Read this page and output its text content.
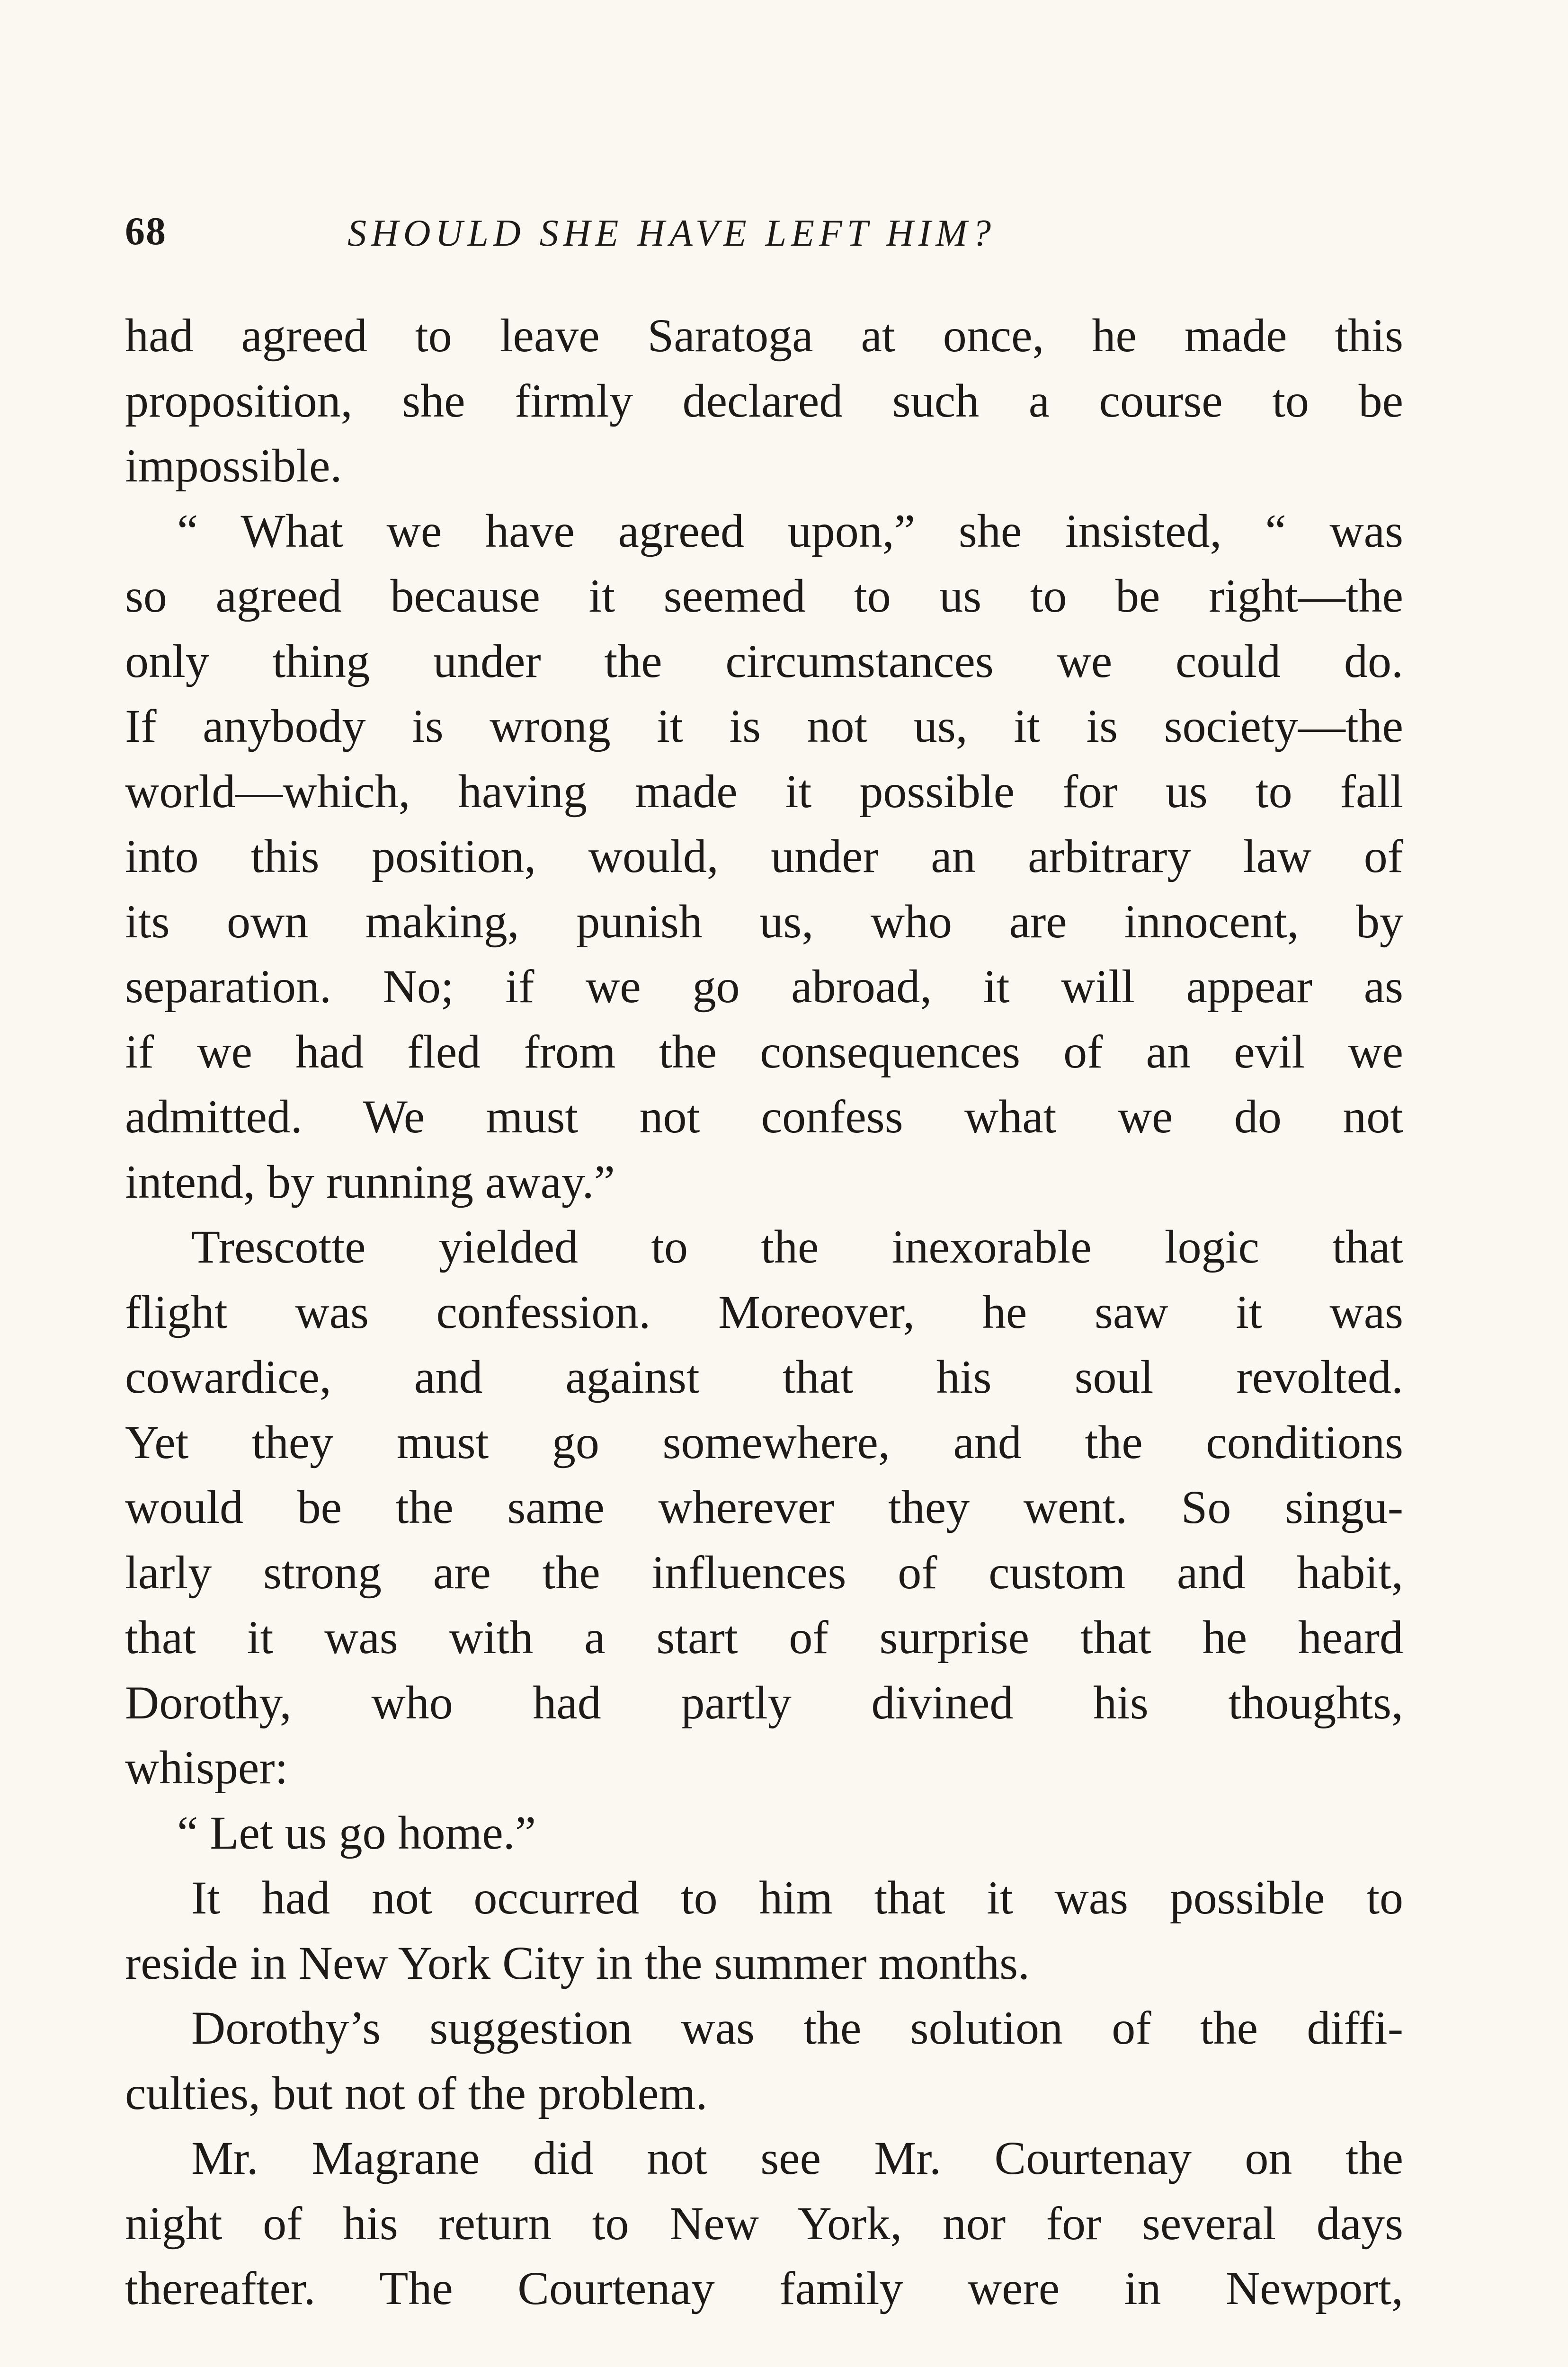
68	SHOULD SHE HAVE LEFT HIM?
had agreed to leave Saratoga at once, he made this
proposition, she firmly declared such a course to be
impossible.
“ What we have agreed upon,” she insisted, “ was
so agreed because it seemed to us to be right—the
only thing under the circumstances we could do.
If anybody is wrong it is not us, it is society—the
world—which, having made it possible for us to fall
into this position, would, under an arbitrary law of
its own making, punish us, who are innocent, by
separation. No; if we go abroad, it will appear as
if we had fled from the consequences of an evil we
admitted. We must not confess what we do not
intend, by running away.”
Trescotte yielded to the inexorable logic that
flight was confession. Moreover, he saw it was
cowardice, and against that his soul revolted.
Yet they must go somewhere, and the conditions
would be the same wherever they went. So singu-
larly strong are the influences of custom and habit,
that it was with a start of surprise that he heard
Dorothy, who had partly divined his thoughts,
whisper:
“ Let us go home.”
It had not occurred to him that it was possible to
reside in New York City in the summer months.
Dorothy’s suggestion was the solution of the diffi-
culties, but not of the problem.
Mr. Magrane did not see Mr. Courtenay on the
night of his return to New York, nor for several days
thereafter. The Courtenay family were in Newport,
